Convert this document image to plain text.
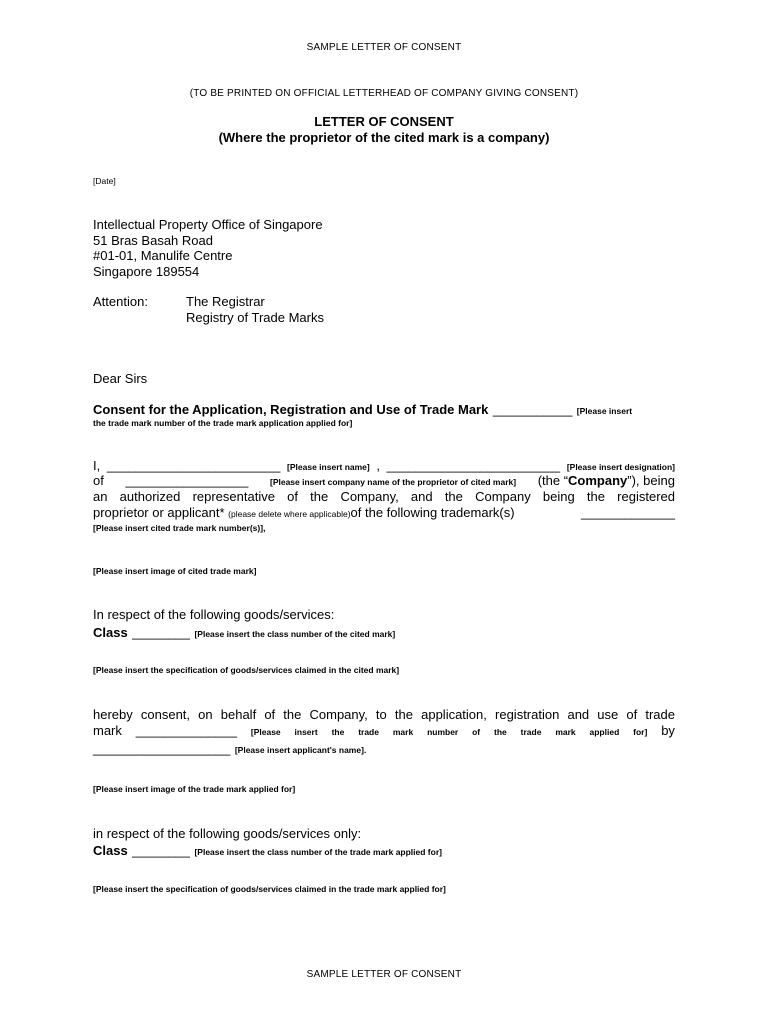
SAMPLE LETTER OF CONSENT
(TO BE PRINTED ON OFFICIAL LETTERHEAD OF COMPANY GIVING CONSENT)
LETTER OF CONSENT
(Where the proprietor of the cited mark is a company)
[Date]
Intellectual Property Office of Singapore
51 Bras Basah Road
#01-01, Manulife Centre
Singapore 189554
Attention:	The Registrar
Registry of Trade Marks
Dear Sirs
Consent for the Application, Registration and Use of Trade Mark ___________ [Please insert
the trade mark number of the trade mark application applied for]
I, ________________________ [Please insert name] , ________________________ [Please insert designation]
of _________________	[Please insert company name of the proprietor of cited mark] (the “Company”), being
an authorized representative of the Company, and the Company being the registered
proprietor or applicant* (please delete where applicable)of the following trademark(s)	_____________
[Please insert cited trade mark number(s)],
[Please insert image of cited trade mark]
In respect of the following goods/services:
Class ________ [Please insert the class number of the cited mark]
[Please insert the specification of goods/services claimed in the cited mark]
hereby consent, on behalf of the Company, to the application, registration and use of trade
mark ______________ [Please insert the trade mark number of the trade mark applied for] by
___________________ [Please insert applicant's name].
[Please insert image of the trade mark applied for]
in respect of the following goods/services only:
Class ________ [Please insert the class number of the trade mark applied for]
[Please insert the specification of goods/services claimed in the trade mark applied for]
SAMPLE LETTER OF CONSENT
